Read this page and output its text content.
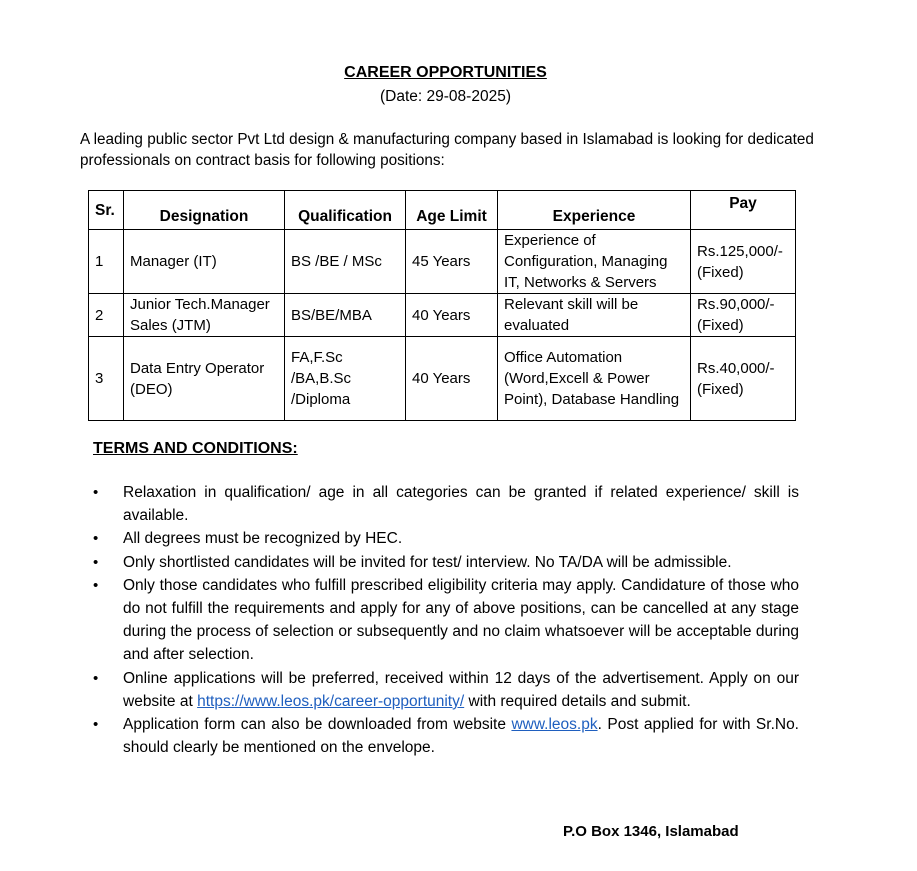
CAREER OPPORTUNITIES
(Date: 29-08-2025)
A leading public sector Pvt Ltd design & manufacturing company based in Islamabad is looking for dedicated professionals on contract basis for following positions:
Sr.	Designation	Qualification	Age Limit	Experience	Pay
1	Manager (IT)	BS /BE / MSc	45 Years	Experience of Configuration, Managing IT, Networks & Servers	Rs.125,000/-
(Fixed)

2	Junior Tech.Manager Sales (JTM)	BS/BE/MBA	40 Years	Relevant skill will be evaluated	Rs.90,000/-
(Fixed)

3	Data Entry Operator (DEO)	FA,F.Sc /BA,B.Sc /Diploma	40 Years	Office Automation (Word,Excell & Power Point), Database Handling	Rs.40,000/-
(Fixed)
TERMS AND CONDITIONS:
• Relaxation in qualification/ age in all categories can be granted if related experience/ skill is available.
• All degrees must be recognized by HEC.
• Only shortlisted candidates will be invited for test/ interview. No TA/DA will be admissible.
• Only those candidates who fulfill prescribed eligibility criteria may apply. Candidature of those who do not fulfill the requirements and apply for any of above positions, can be cancelled at any stage during the process of selection or subsequently and no claim whatsoever will be acceptable during and after selection.
• Online applications will be preferred, received within 12 days of the advertisement. Apply on our website at https://www.leos.pk/career-opportunity/ with required details and submit.
• Application form can also be downloaded from website www.leos.pk. Post applied for with Sr.No. should clearly be mentioned on the envelope.
P.O Box 1346, Islamabad
